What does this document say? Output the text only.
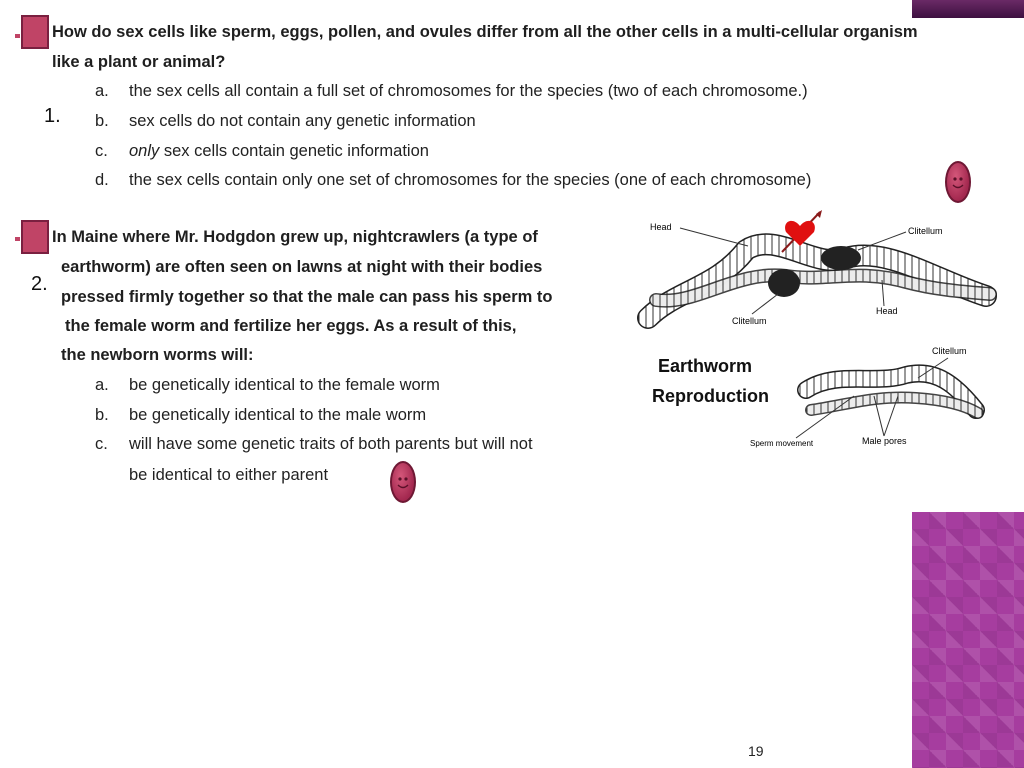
1.
How do sex cells like sperm, eggs, pollen, and ovules differ from all the other cells in a multi-cellular organism
like a plant or animal?
a. the sex cells all contain a full set of chromosomes for the species (two of each chromosome.)
b. sex cells do not contain any genetic information
c. only sex cells contain genetic information
d. the sex cells contain only one set of chromosomes for the species (one of each chromosome)
2.
In Maine where Mr. Hodgdon grew up, nightcrawlers (a type of
earthworm) are often seen on lawns at night with their bodies
pressed firmly together so that the male can pass his sperm to
the female worm and fertilize her eggs. As a result of this,
the newborn worms will:
a. be genetically identical to the female worm
b. be genetically identical to the male worm
c. will have some genetic traits of both parents but will not
be identical to either parent
Head	Clitellum
Clitellum
Head
Earthworm
Reproduction
Clitellum
Sperm movement	Male pores
19
